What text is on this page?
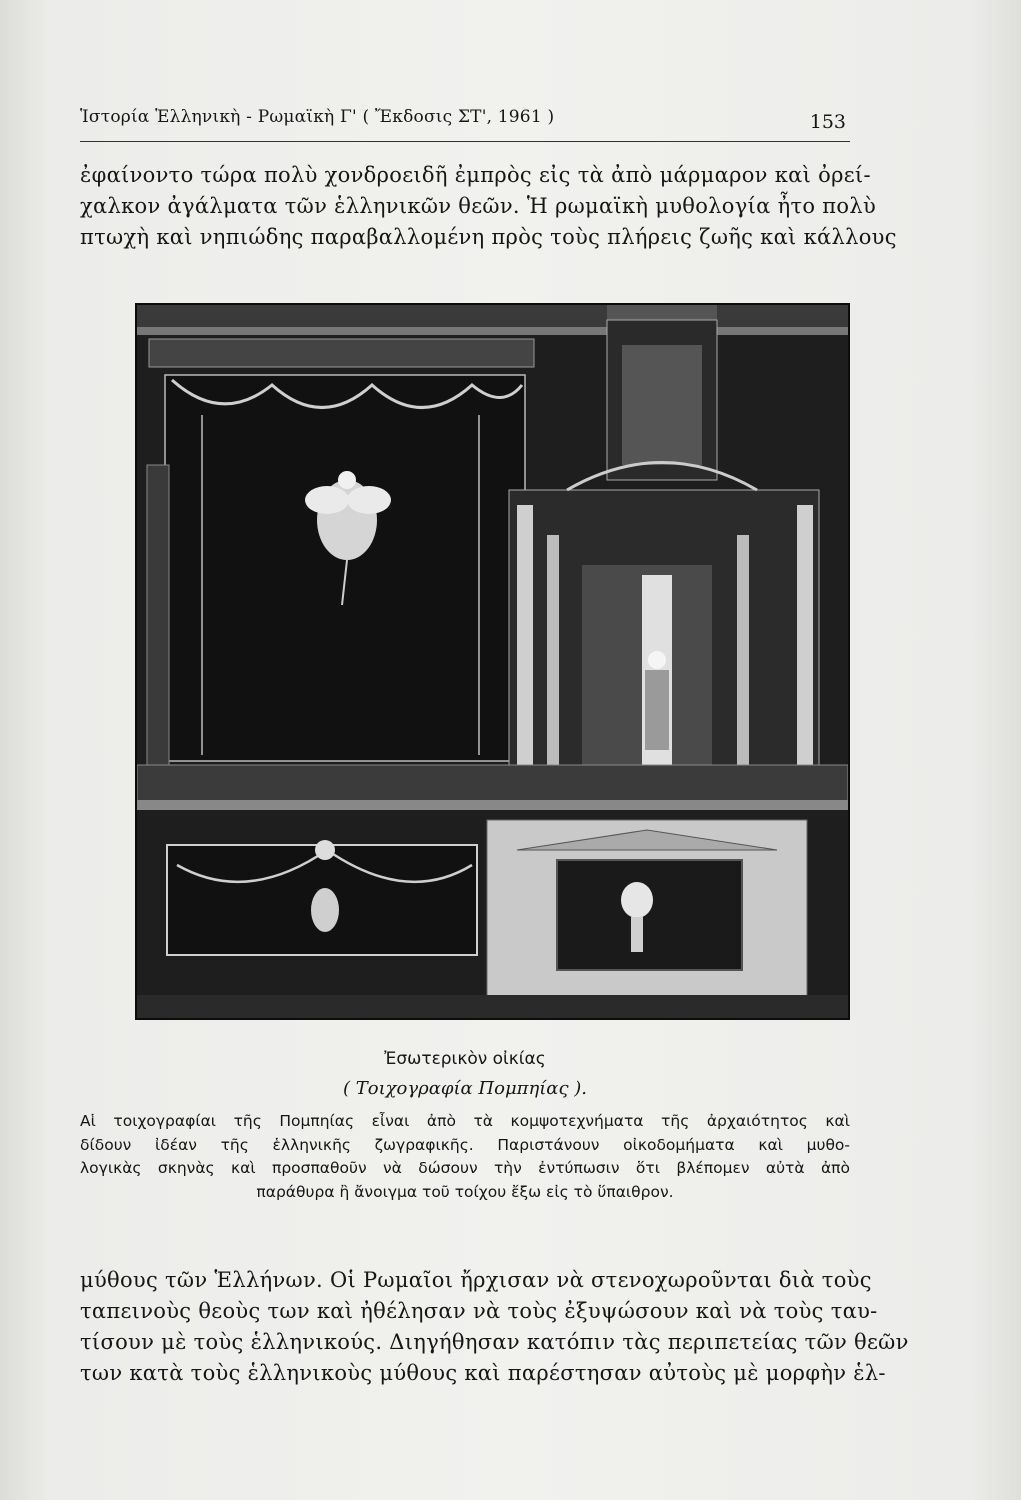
Ἱστορία Ἑλληνικὴ - Ρωμαϊκὴ Γ' ( Ἔκδοσις ΣΤ', 1961 )	153
ἐφαίνοντο τώρα πολὺ χονδροειδῆ ἐμπρὸς εἰς τὰ ἀπὸ μάρμαρον καὶ ὀρεί-
χαλκον ἀγάλματα τῶν ἑλληνικῶν θεῶν. Ἡ ρωμαϊκὴ μυθολογία ἦτο πολὺ
πτωχὴ καὶ νηπιώδης παραβαλλομένη πρὸς τοὺς πλήρεις ζωῆς καὶ κάλλους
Ἐσωτερικὸν οἰκίας
( Τοιχογραφία Πομπηίας ).
Αἱ τοιχογραφίαι τῆς Πομπηίας εἶναι ἀπὸ τὰ κομψοτεχνήματα τῆς ἀρχαιότητος καὶ
δίδουν ἰδέαν τῆς ἑλληνικῆς ζωγραφικῆς. Παριστάνουν οἰκοδομήματα καὶ μυθο-
λογικὰς σκηνὰς καὶ προσπαθοῦν νὰ δώσουν τὴν ἐντύπωσιν ὅτι βλέπομεν αὐτὰ ἀπὸ
παράθυρα ἢ ἄνοιγμα τοῦ τοίχου ἔξω εἰς τὸ ὕπαιθρον.
μύθους τῶν Ἑλλήνων. Οἱ Ρωμαῖοι ἤρχισαν νὰ στενοχωροῦνται διὰ τοὺς
ταπεινοὺς θεοὺς των καὶ ἠθέλησαν νὰ τοὺς ἐξυψώσουν καὶ νὰ τοὺς ταυ-
τίσουν μὲ τοὺς ἑλληνικούς. Διηγήθησαν κατόπιν τὰς περιπετείας τῶν θεῶν
των κατὰ τοὺς ἑλληνικοὺς μύθους καὶ παρέστησαν αὐτοὺς μὲ μορφὴν ἑλ-
